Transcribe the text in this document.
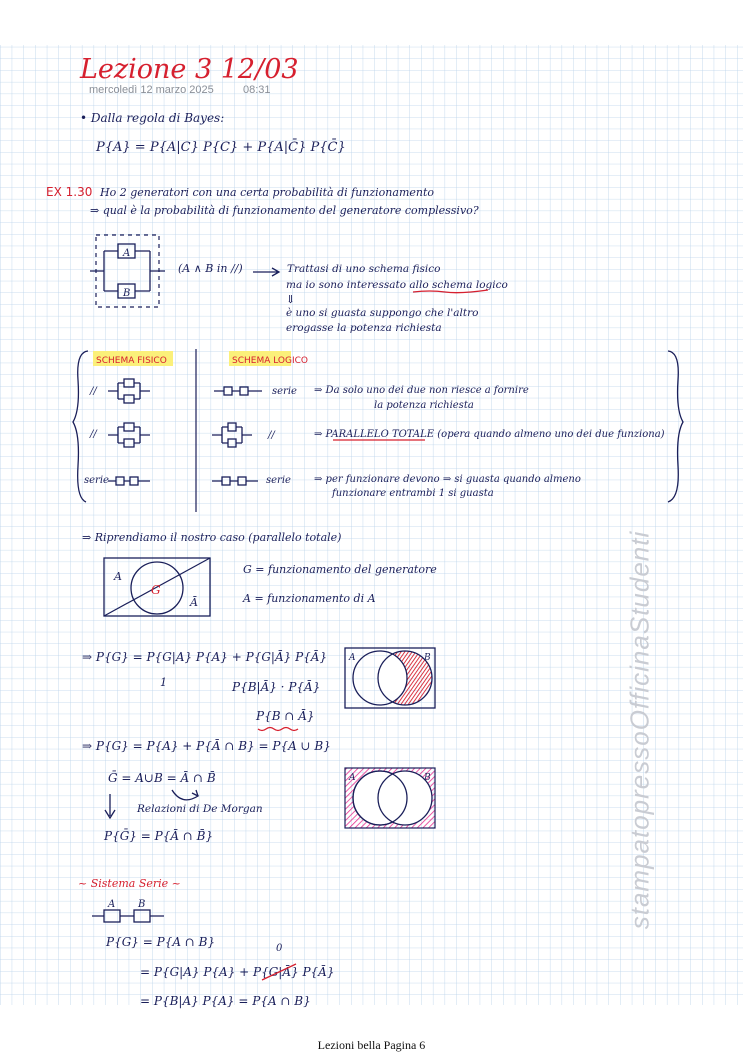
Lezione 3 12/03
• Dalla regola di Bayes:
P{A} = P{A|C} P{C} + P{A|C̄} P{C̄}
EX 1.30 Ho 2 generatori con una certa probabilità di funzionamento
⇒ qual è la probabilità di funzionamento del generatore complessivo?
A
B
(A ∧ B in //)	Trattasi di uno schema fisico
ma io sono interessato allo schema logico
⇓
è uno si guasta suppongo che l'altro
erogasse la potenza richiesta
SCHEMA FISICO	SCHEMA LOGICO
//	serie ⇒ Da solo uno dei due non riesce a fornire
la potenza richiesta
//	//	⇒ PARALLELO TOTALE (opera quando almeno uno dei due funziona)
serie	serie ⇒ per funzionare devono ⇒ si guasta quando almeno
funzionare entrambi 1 si guasta
⇒ Riprendiamo il nostro caso (parallelo totale)
A
G
Ā
G = funzionamento del generatore
A = funzionamento di A
⇒ P{G} = P{G|A} P{A} + P{G|Ā} P{Ā}
1	P{B|Ā} · P{Ā}
P{B ∩ Ā}
A	B
⇒ P{G} = P{A} + P{Ā ∩ B} = P{A ∪ B}
Ḡ = A∪B = Ā ∩ B̄
Relazioni di De Morgan
P{Ḡ} = P{Ā ∩ B̄}
A	B
~ Sistema Serie ~
A B
P{G} = P{A ∩ B}	0
= P{G|A} P{A} + P{G|Ā} P{Ā}
= P{B|A} P{A} = P{A ∩ B}
mercoledì 12 marzo 2025	08:31
stampatopressoOfficinaStudenti
Lezioni bella Pagina 6
